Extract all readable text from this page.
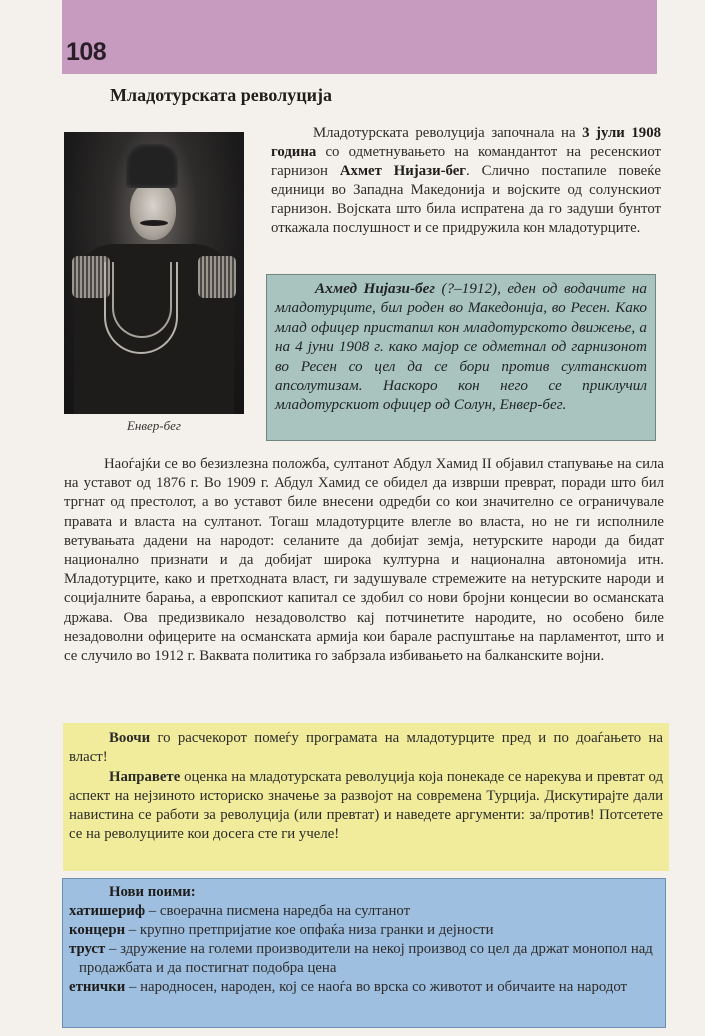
108
Младотурската револуција
Енвер-бег
Младотурската револуција започнала на 3 јули 1908 година со одметнувањето на командантот на ресенскиот гарнизон Ахмет Нијази-бег. Слично постапиле повеќе единици во Западна Македонија и војските од солунскиот гарнизон. Војската што била испратена да го задуши бунтот откажала послушност и се придружила кон младотурците.
Ахмед Нијази-бег (?–1912), еден од водачите на младотурците, бил роден во Македонија, во Ресен. Како млад офицер пристапил кон младотурското движење, а на 4 јуни 1908 г. како мајор се одметнал од гарнизонот во Ресен со цел да се бори против султанскиот апсолутизам. Наскоро кон него се приклучил младотурскиот офицер од Солун, Енвер-бег.
Наоѓајќи се во безизлезна положба, султанот Абдул Хамид II објавил стапување на сила на уставот од 1876 г. Во 1909 г. Абдул Хамид се обидел да изврши преврат, поради што бил тргнат од престолот, а во уставот биле внесени одредби со кои значително се ограничувале правата и власта на султанот. Тогаш младотурците влегле во власта, но не ги исполниле ветувањата дадени на народот: селаните да добијат земја, нетурските народи да бидат национално признати и да добијат широка културна и национална автономија итн. Младотурците, како и претходната власт, ги задушувале стремежите на нетурските народи и социјалните барања, а европскиот капитал се здобил со нови бројни концесии во османската држава. Ова предизвикало незадоволство кај потчинетите народите, но особено биле незадоволни офицерите на османската армија кои барале распуштање на парламентот, што и се случило во 1912 г. Ваквата политика го забрзала избивањето на балканските војни.

Воочи го расчекорот помеѓу програмата на младотурците пред и по доаѓањето на власт!

Направете оценка на младотурската револуција која понекаде се нарекува и превтат од аспект на нејзиното историско значење за развојот на современа Турција. Дискутирајте дали навистина се работи за револуција (или превтат) и наведете аргументи: за/против! Потсетете се на револуциите кои досега сте ги учеле!

Нови поими:
хатишериф – своерачна писмена наредба на султанот
концерн – крупно претпријатие кое опфаќа низа гранки и дејности
труст – здружение на големи производители на некој производ со цел да држат монопол над продажбата и да постигнат подобра цена
етнички – народносен, народен, кој се наоѓа во врска со животот и обичаите на народот
